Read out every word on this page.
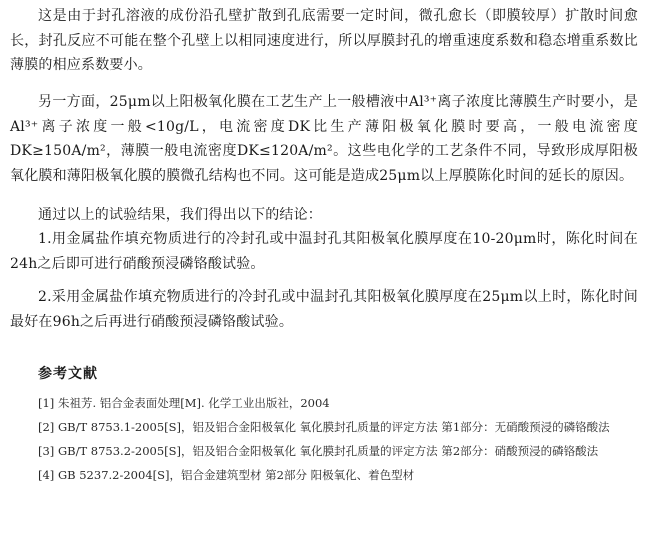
这是由于封孔溶液的成份沿孔壁扩散到孔底需要一定时间，微孔愈长（即膜较厚）扩散时间愈长，封孔反应不可能在整个孔壁上以相同速度进行，所以厚膜封孔的增重速度系数和稳态增重系数比薄膜的相应系数要小。

另一方面，25μm以上阳极氧化膜在工艺生产上一般槽液中Al³⁺离子浓度比薄膜生产时要小，是Al³⁺离子浓度一般<10g/L，电流密度DK比生产薄阳极氧化膜时要高，一般电流密度DK≥150A/m²，薄膜一般电流密度DK≤120A/m²。这些电化学的工艺条件不同，导致形成厚阳极氧化膜和薄阳极氧化膜的膜微孔结构也不同。这可能是造成25μm以上厚膜陈化时间的延长的原因。

通过以上的试验结果，我们得出以下的结论：

1.用金属盐作填充物质进行的冷封孔或中温封孔其阳极氧化膜厚度在10-20μm时，陈化时间在24h之后即可进行硝酸预浸磷铬酸试验。

2.采用金属盐作填充物质进行的冷封孔或中温封孔其阳极氧化膜厚度在25μm以上时，陈化时间最好在96h之后再进行硝酸预浸磷铬酸试验。

参考文献

[1] 朱祖芳. 铝合金表面处理[M]. 化学工业出版社，2004

[2] GB/T 8753.1-2005[S]，铝及铝合金阳极氧化 氧化膜封孔质量的评定方法 第1部分：无硝酸预浸的磷铬酸法

[3] GB/T 8753.2-2005[S]，铝及铝合金阳极氧化 氧化膜封孔质量的评定方法 第2部分：硝酸预浸的磷铬酸法

[4] GB 5237.2-2004[S]，铝合金建筑型材 第2部分 阳极氧化、着色型材
